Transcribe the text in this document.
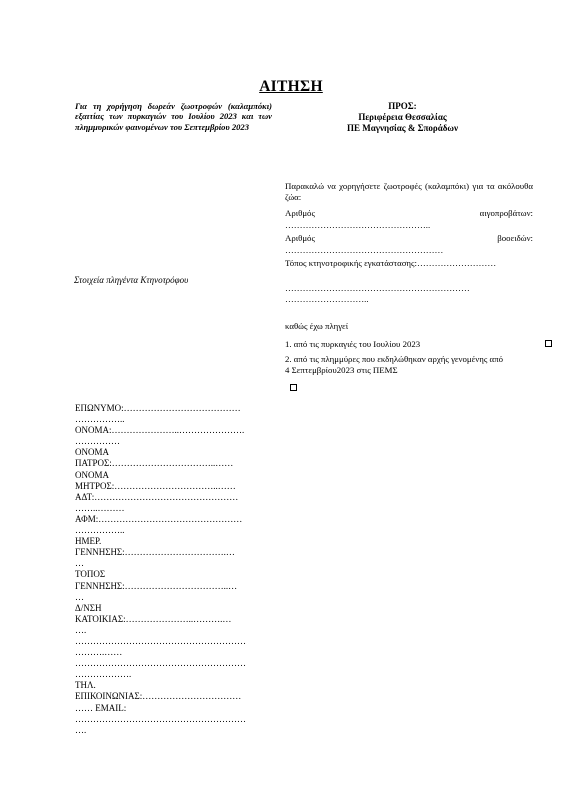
ΑΙΤΗΣΗ
Για τη χορήγηση δωρεάν ζωοτροφών (καλαμπόκι) εξαιτίας των πυρκαγιών του Ιουλίου 2023 και των πλημμυρικών φαινομένων του Σεπτεμβρίου 2023
ΠΡΟΣ:
Περιφέρεια Θεσσαλίας
ΠΕ Μαγνησίας & Σποράδων
Στοιχεία πληγέντα Κτηνοτρόφου
Παρακαλώ να χορηγήσετε ζωοτροφές (καλαμπόκι) για τα ακόλουθα ζώα:
Αριθμός αιγοπροβάτων:
…………………………………………..
Αριθμός βοοειδών:
………………………………………………
Τόπος κτηνοτροφικής εγκατάστασης:………………………
………………………………………………………
………………………..
καθώς έχω πληγεί
1. από τις πυρκαγιές του Ιουλίου 2023
2. από τις πλημμύρες που εκδηλώθηκαν αρχής γενομένης από 4 Σεπτεμβρίου2023 στις ΠΕΜΣ
ΕΠΩΝΥΜΟ:…………………………………
……………..
ΟΝΟΜΑ:…………………..………………….
……………
ΟΝΟΜΑ
ΠΑΤΡΟΣ:……………………………..……
ΟΝΟΜΑ
ΜΗΤΡΟΣ:……………………………..……
ΑΔΤ:…………………………………………
……..………
ΑΦΜ:…………………………………………
……………..
ΗΜΕΡ.
ΓΕΝΝΗΣΗΣ:…………………………….…
…
ΤΟΠΟΣ
ΓΕΝΝΗΣΗΣ:……………………………..…
…
Δ/ΝΣΗ
ΚΑΤΟΙΚΙΑΣ:…………………..……….…
….
…………………………………………………
……….……
…………………………………………………
……………….
ΤΗΛ.
ΕΠΙΚΟΙΝΩΝΙΑΣ:……………………………
…… EMAIL:
…………………………………………………
….
